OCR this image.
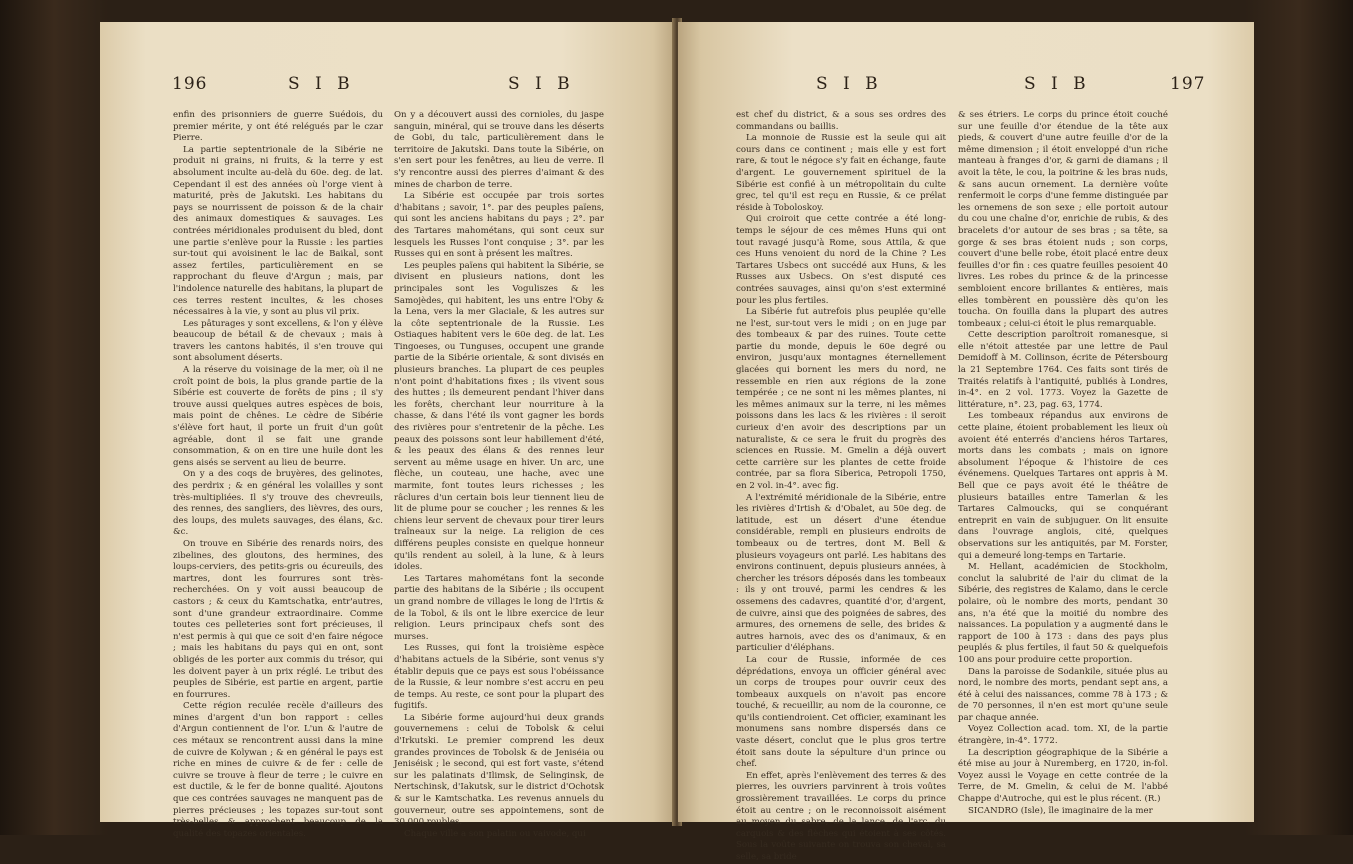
196	S I B	S I B

enfin des prisonniers de guerre Suédois, du premier mérite, y ont été relégués par le czar Pierre.

La partie septentrionale de la Sibérie ne produit ni grains, ni fruits, & la terre y est absolument inculte au-delà du 60e. deg. de lat. Cependant il est des années où l'orge vient à maturité, près de Jakutski. Les habitans du pays se nourrissent de poisson & de la chair des animaux domestiques & sauvages. Les contrées méridionales produisent du bled, dont une partie s'enlève pour la Russie : les parties sur-tout qui avoisinent le lac de Baikal, sont assez fertiles, particulièrement en se rapprochant du fleuve d'Argun ; mais, par l'indolence naturelle des habitans, la plupart de ces terres restent incultes, & les choses nécessaires à la vie, y sont au plus vil prix.

Les pâturages y sont excellens, & l'on y élève beaucoup de bétail & de chevaux ; mais à travers les cantons habités, il s'en trouve qui sont absolument déserts.

A la réserve du voisinage de la mer, où il ne croît point de bois, la plus grande partie de la Sibérie est couverte de forêts de pins ; il s'y trouve aussi quelques autres espèces de bois, mais point de chênes. Le cèdre de Sibérie s'élève fort haut, il porte un fruit d'un goût agréable, dont il se fait une grande consommation, & on en tire une huile dont les gens aisés se servent au lieu de beurre.

On y a des coqs de bruyères, des gelinotes, des perdrix ; & en général les volailles y sont très-multipliées. Il s'y trouve des chevreuils, des rennes, des sangliers, des lièvres, des ours, des loups, des mulets sauvages, des élans, &c. &c.

On trouve en Sibérie des renards noirs, des zibelines, des gloutons, des hermines, des loups-cerviers, des petits-gris ou écureuils, des martres, dont les fourrures sont très-recherchées. On y voit aussi beaucoup de castors ; & ceux du Kamtschatka, entr'autres, sont d'une grandeur extraordinaire. Comme toutes ces pelleteries sont fort précieuses, il n'est permis à qui que ce soit d'en faire négoce ; mais les habitans du pays qui en ont, sont obligés de les porter aux commis du trésor, qui les doivent payer à un prix réglé. Le tribut des peuples de Sibérie, est partie en argent, partie en fourrures.

Cette région reculée recèle d'ailleurs des mines d'argent d'un bon rapport : celles d'Argun contiennent de l'or. L'un & l'autre de ces métaux se rencontrent aussi dans la mine de cuivre de Kolywan ; & en général le pays est riche en mines de cuivre & de fer : celle de cuivre se trouve à fleur de terre ; le cuivre en est ductile, & le fer de bonne qualité. Ajoutons que ces contrées sauvages ne manquent pas de pierres précieuses ; les topazes sur-tout sont très-belles & approchent beaucoup de la qualité des topazes orientales.

On y a découvert aussi des cornioles, du jaspe sanguin, minéral, qui se trouve dans les déserts de Gobi, du talc, particulièrement dans le territoire de Jakutski. Dans toute la Sibérie, on s'en sert pour les fenêtres, au lieu de verre. Il s'y rencontre aussi des pierres d'aimant & des mines de charbon de terre.

La Sibérie est occupée par trois sortes d'habitans ; savoir, 1°. par des peuples païens, qui sont les anciens habitans du pays ; 2°. par des Tartares mahométans, qui sont ceux sur lesquels les Russes l'ont conquise ; 3°. par les Russes qui en sont à présent les maîtres.

Les peuples païens qui habitent la Sibérie, se divisent en plusieurs nations, dont les principales sont les Voguliszes & les Samojèdes, qui habitent, les uns entre l'Oby & la Lena, vers la mer Glaciale, & les autres sur la côte septentrionale de la Russie. Les Ostiaques habitent vers le 60e deg. de lat. Les Tingoeses, ou Tunguses, occupent une grande partie de la Sibérie orientale, & sont divisés en plusieurs branches. La plupart de ces peuples n'ont point d'habitations fixes ; ils vivent sous des huttes ; ils demeurent pendant l'hiver dans les forêts, cherchant leur nourriture à la chasse, & dans l'été ils vont gagner les bords des rivières pour s'entretenir de la pêche. Les peaux des poissons sont leur habillement d'été, & les peaux des élans & des rennes leur servent au même usage en hiver. Un arc, une flèche, un couteau, une hache, avec une marmite, font toutes leurs richesses ; les râclures d'un certain bois leur tiennent lieu de lit de plume pour se coucher ; les rennes & les chiens leur servent de chevaux pour tirer leurs traîneaux sur la neige. La religion de ces différens peuples consiste en quelque honneur qu'ils rendent au soleil, à la lune, & à leurs idoles.

Les Tartares mahométans font la seconde partie des habitans de la Sibérie ; ils occupent un grand nombre de villages le long de l'Irtis & de la Tobol, & ils ont le libre exercice de leur religion. Leurs principaux chefs sont des murses.

Les Russes, qui font la troisième espèce d'habitans actuels de la Sibérie, sont venus s'y établir depuis que ce pays est sous l'obéissance de la Russie, & leur nombre s'est accru en peu de temps. Au reste, ce sont pour la plupart des fugitifs.

La Sibérie forme aujourd'hui deux grands gouvernemens : celui de Tobolsk & celui d'Irkutski. Le premier comprend les deux grandes provinces de Tobolsk & de Jeniséia ou Jeniséisk ; le second, qui est fort vaste, s'étend sur les palatinats d'Ilimsk, de Selinginsk, de Nertschinsk, d'Iakutsk, sur le district d'Ochotsk & sur le Kamtschatka. Les revenus annuels du gouverneur, outre ses appointemens, sont de 30,000 roubles.

Chaque ville a son palatin ou vaivode, qui

S I B	S I B	197

est chef du district, & a sous ses ordres des commandans ou baillis.

La monnoie de Russie est la seule qui ait cours dans ce continent ; mais elle y est fort rare, & tout le négoce s'y fait en échange, faute d'argent. Le gouvernement spirituel de la Sibérie est confié à un métropolitain du culte grec, tel qu'il est reçu en Russie, & ce prélat réside à Toboloskoy.

Qui croiroit que cette contrée a été long-temps le séjour de ces mêmes Huns qui ont tout ravagé jusqu'à Rome, sous Attila, & que ces Huns venoient du nord de la Chine ? Les Tartares Usbecs ont succédé aux Huns, & les Russes aux Usbecs. On s'est disputé ces contrées sauvages, ainsi qu'on s'est exterminé pour les plus fertiles.

La Sibérie fut autrefois plus peuplée qu'elle ne l'est, sur-tout vers le midi ; on en juge par des tombeaux & par des ruines. Toute cette partie du monde, depuis le 60e degré ou environ, jusqu'aux montagnes éternellement glacées qui bornent les mers du nord, ne ressemble en rien aux régions de la zone tempérée ; ce ne sont ni les mêmes plantes, ni les mêmes animaux sur la terre, ni les mêmes poissons dans les lacs & les rivières : il seroit curieux d'en avoir des descriptions par un naturaliste, & ce sera le fruit du progrès des sciences en Russie. M. Gmelin a déjà ouvert cette carrière sur les plantes de cette froide contrée, par sa flora Siberica, Petropoli 1750, en 2 vol. in-4°. avec fig.

A l'extrémité méridionale de la Sibérie, entre les rivières d'Irtish & d'Obalet, au 50e deg. de latitude, est un désert d'une étendue considérable, rempli en plusieurs endroits de tombeaux ou de tertres, dont M. Bell & plusieurs voyageurs ont parlé. Les habitans des environs continuent, depuis plusieurs années, à chercher les trésors déposés dans les tombeaux : ils y ont trouvé, parmi les cendres & les ossemens des cadavres, quantité d'or, d'argent, de cuivre, ainsi que des poignées de sabres, des armures, des ornemens de selle, des brides & autres harnois, avec des os d'animaux, & en particulier d'éléphans.

La cour de Russie, informée de ces déprédations, envoya un officier général avec un corps de troupes pour ouvrir ceux des tombeaux auxquels on n'avoit pas encore touché, & recueillir, au nom de la couronne, ce qu'ils contiendroient. Cet officier, examinant les monumens sans nombre dispersés dans ce vaste désert, conclut que le plus gros tertre étoit sans doute la sépulture d'un prince ou chef.

En effet, après l'enlèvement des terres & des pierres, les ouvriers parvinrent à trois voûtes grossièrement travaillées. Le corps du prince étoit au centre ; on le reconnoissoit aisément au moyen du sabre, de la lance, de l'arc, du carquois & des flèches qui étoient à ses côtés. Sous la voûte suivante on trouva son cheval, sa selle, sa bride

& ses étriers. Le corps du prince étoit couché sur une feuille d'or étendue de la tête aux pieds, & couvert d'une autre feuille d'or de la même dimension ; il étoit enveloppé d'un riche manteau à franges d'or, & garni de diamans ; il avoit la tête, le cou, la poitrine & les bras nuds, & sans aucun ornement. La dernière voûte renfermoit le corps d'une femme distinguée par les ornemens de son sexe ; elle portoit autour du cou une chaîne d'or, enrichie de rubis, & des bracelets d'or autour de ses bras ; sa tête, sa gorge & ses bras étoient nuds ; son corps, couvert d'une belle robe, étoit placé entre deux feuilles d'or fin : ces quatre feuilles pesoient 40 livres. Les robes du prince & de la princesse sembloient encore brillantes & entières, mais elles tombèrent en poussière dès qu'on les toucha. On fouilla dans la plupart des autres tombeaux ; celui-ci étoit le plus remarquable.

Cette description paroîtroit romanesque, si elle n'étoit attestée par une lettre de Paul Demidoff à M. Collinson, écrite de Pétersbourg la 21 Septembre 1764. Ces faits sont tirés de Traités relatifs à l'antiquité, publiés à Londres, in-4°. en 2 vol. 1773. Voyez la Gazette de littérature, n°. 23, pag. 63, 1774.

Les tombeaux répandus aux environs de cette plaine, étoient probablement les lieux où avoient été enterrés d'anciens héros Tartares, morts dans les combats ; mais on ignore absolument l'époque & l'histoire de ces événemens. Quelques Tartares ont appris à M. Bell que ce pays avoit été le théâtre de plusieurs batailles entre Tamerlan & les Tartares Calmoucks, qui se conquérant entreprit en vain de subjuguer. On lit ensuite dans l'ouvrage anglois, cité, quelques observations sur les antiquités, par M. Forster, qui a demeuré long-temps en Tartarie.

M. Hellant, académicien de Stockholm, conclut la salubrité de l'air du climat de la Sibérie, des registres de Kalamo, dans le cercle polaire, où le nombre des morts, pendant 30 ans, n'a été que la moitié du nombre des naissances. La population y a augmenté dans le rapport de 100 à 173 : dans des pays plus peuplés & plus fertiles, il faut 50 & quelquefois 100 ans pour produire cette proportion.

Dans la paroisse de Sodankile, située plus au nord, le nombre des morts, pendant sept ans, a été à celui des naissances, comme 78 à 173 ; & de 70 personnes, il n'en est mort qu'une seule par chaque année.

Voyez Collection acad. tom. XI, de la partie étrangère, in-4°. 1772.

La description géographique de la Sibérie a été mise au jour à Nuremberg, en 1720, in-fol. Voyez aussi le Voyage en cette contrée de la Terre, de M. Gmelin, & celui de M. l'abbé Chappe d'Autroche, qui est le plus récent. (R.)

SICANDRO (Isle), île imaginaire de la mer
